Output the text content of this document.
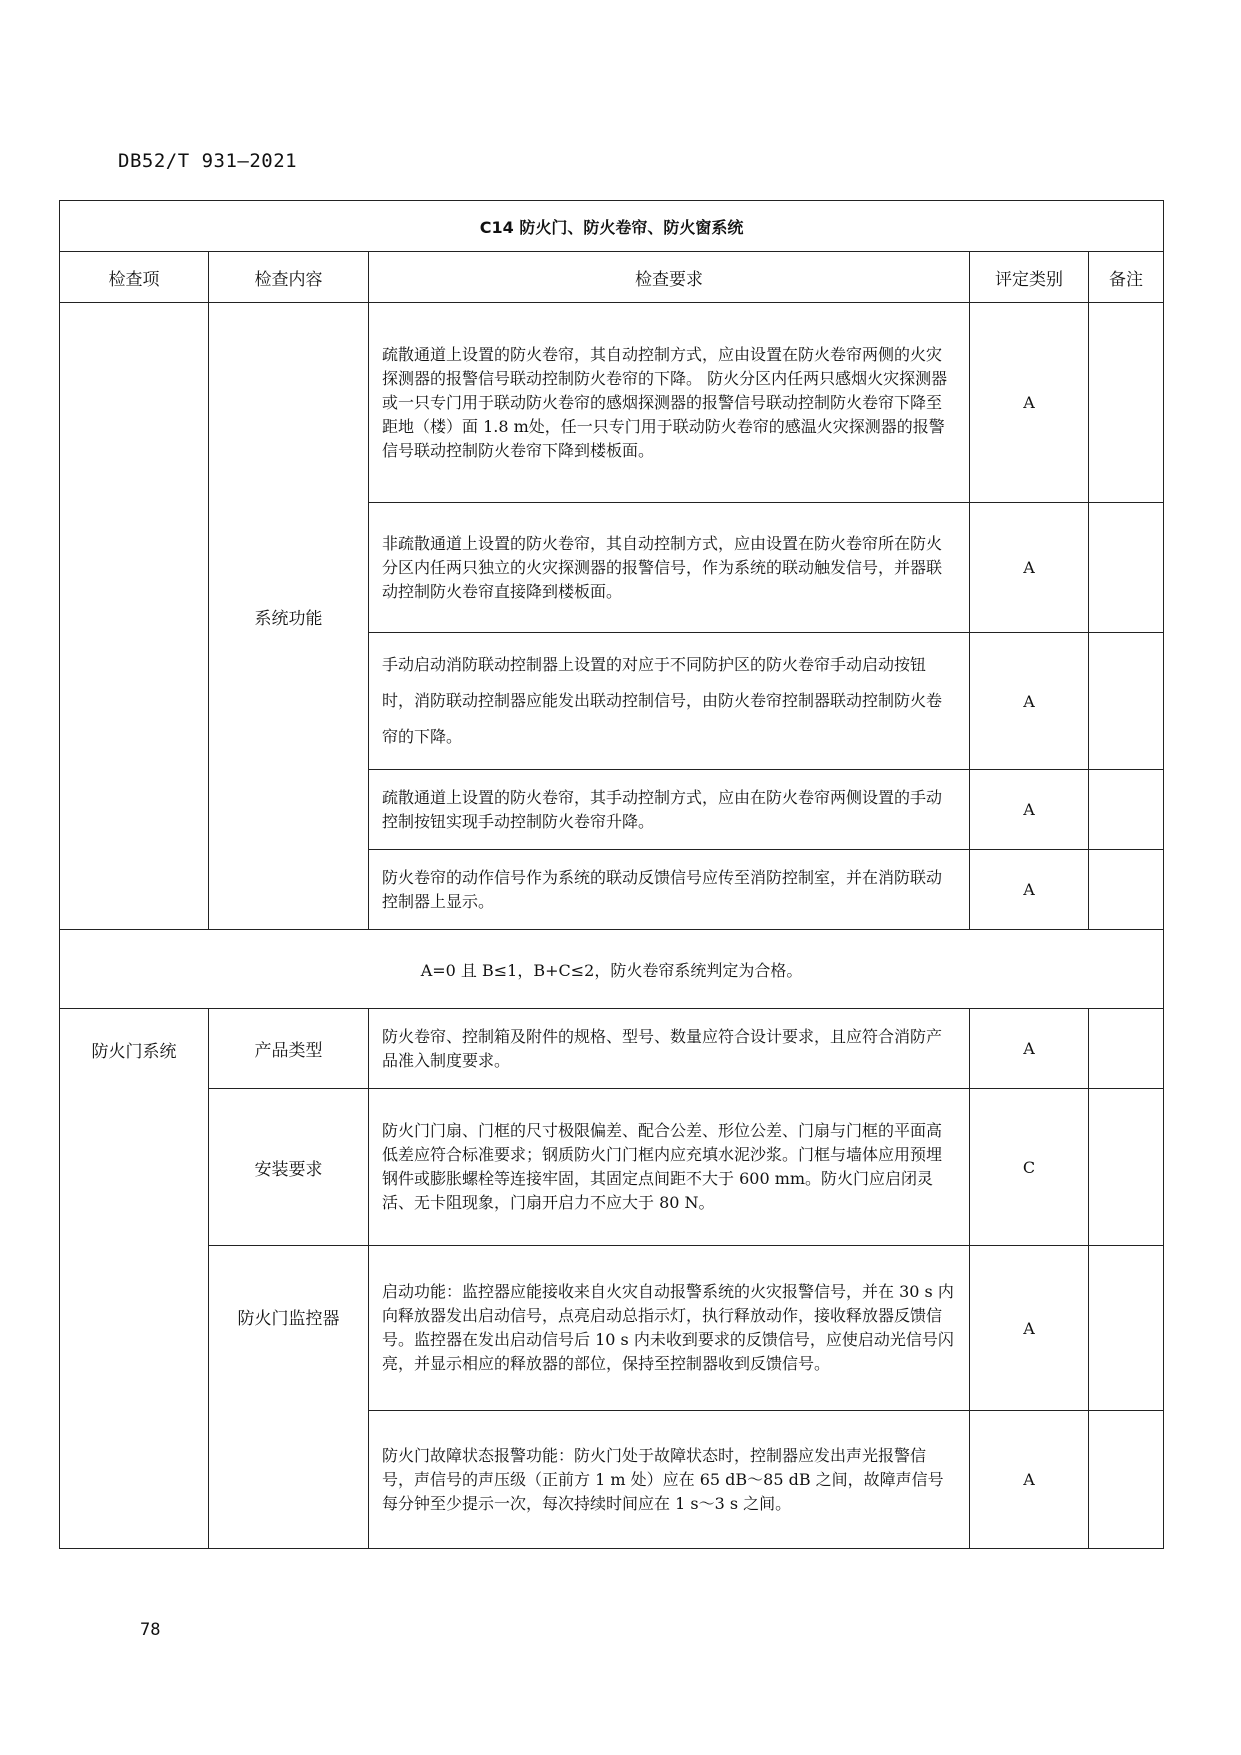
DB52/T 931—2021
C14 防火门、防火卷帘、防火窗系统				
检查项	检查内容	检查要求	评定类别	备注
	系统功能	疏散通道上设置的防火卷帘，其自动控制方式，应由设置在防火卷帘两侧的火灾探测器的报警信号联动控制防火卷帘的下降。 防火分区内任两只感烟火灾探测器或一只专门用于联动防火卷帘的感烟探测器的报警信号联动控制防火卷帘下降至距地（楼）面 1.8 m处，任一只专门用于联动防火卷帘的感温火灾探测器的报警信号联动控制防火卷帘下降到楼板面。	A	
		非疏散通道上设置的防火卷帘，其自动控制方式，应由设置在防火卷帘所在防火分区内任两只独立的火灾探测器的报警信号，作为系统的联动触发信号，并器联动控制防火卷帘直接降到楼板面。	A	
		手动启动消防联动控制器上设置的对应于不同防护区的防火卷帘手动启动按钮时，消防联动控制器应能发出联动控制信号，由防火卷帘控制器联动控制防火卷帘的下降。	A	
		疏散通道上设置的防火卷帘，其手动控制方式，应由在防火卷帘两侧设置的手动控制按钮实现手动控制防火卷帘升降。	A	
		防火卷帘的动作信号作为系统的联动反馈信号应传至消防控制室，并在消防联动控制器上显示。	A	
A=0 且 B≤1，B+C≤2，防火卷帘系统判定为合格。				
防火门系统	产品类型	防火卷帘、控制箱及附件的规格、型号、数量应符合设计要求，且应符合消防产品准入制度要求。	A	
	安装要求	防火门门扇、门框的尺寸极限偏差、配合公差、形位公差、门扇与门框的平面高低差应符合标准要求；钢质防火门门框内应充填水泥沙浆。门框与墙体应用预埋钢件或膨胀螺栓等连接牢固，其固定点间距不大于 600 mm。防火门应启闭灵活、无卡阻现象，门扇开启力不应大于 80 N。	C	
	防火门监控器	启动功能：监控器应能接收来自火灾自动报警系统的火灾报警信号，并在 30 s 内向释放器发出启动信号，点亮启动总指示灯，执行释放动作，接收释放器反馈信号。监控器在发出启动信号后 10 s 内未收到要求的反馈信号，应使启动光信号闪亮，并显示相应的释放器的部位，保持至控制器收到反馈信号。	A	
		防火门故障状态报警功能：防火门处于故障状态时，控制器应发出声光报警信号，声信号的声压级（正前方 1 m 处）应在 65 dB～85 dB 之间，故障声信号每分钟至少提示一次，每次持续时间应在 1 s～3 s 之间。	A	
78
